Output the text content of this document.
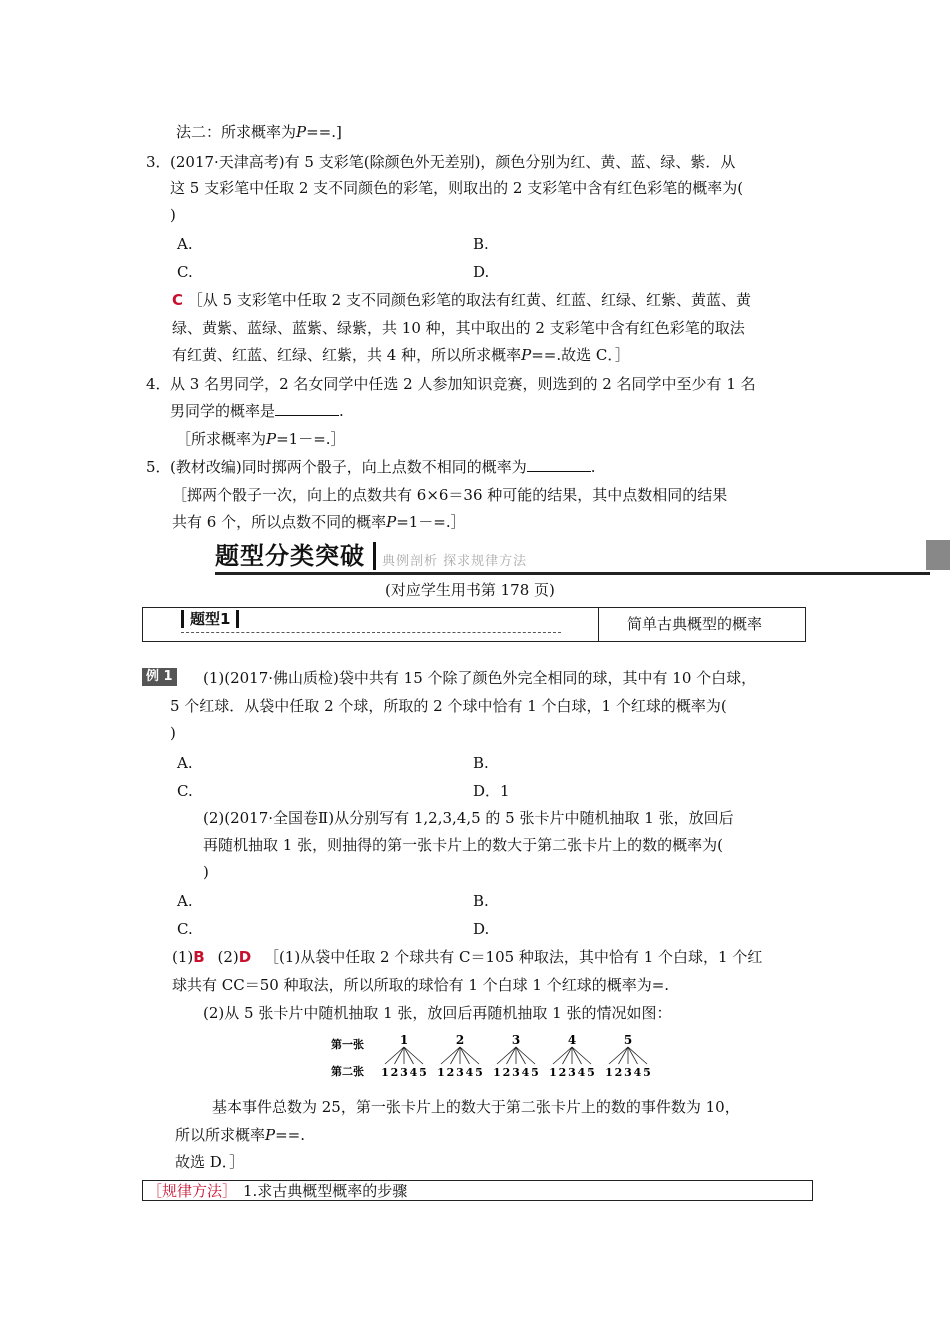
法二：所求概率为P==.]
3． (2017·天津高考)有 5 支彩笔(除颜色外无差别)，颜色分别为红、黄、蓝、绿、紫．从
这 5 支彩笔中任取 2 支不同颜色的彩笔，则取出的 2 支彩笔中含有红色彩笔的概率为(
)
A.	B.
C.	D.
C ［从 5 支彩笔中任取 2 支不同颜色彩笔的取法有红黄、红蓝、红绿、红紫、黄蓝、黄
绿、黄紫、蓝绿、蓝紫、绿紫，共 10 种，其中取出的 2 支彩笔中含有红色彩笔的取法
有红黄、红蓝、红绿、红紫，共 4 种，所以所求概率P==.故选 C．］
4． 从 3 名男同学，2 名女同学中任选 2 人参加知识竞赛，则选到的 2 名同学中至少有 1 名
男同学的概率是	.
［所求概率为P=1－=.］
5． (教材改编)同时掷两个骰子，向上点数不相同的概率为	.
［掷两个骰子一次，向上的点数共有 6×6＝36 种可能的结果，其中点数相同的结果
共有 6 个，所以点数不同的概率P=1－=.］
题型分类突破 典例剖析 探求规律方法
(对应学生用书第 178 页)
题型1	简单古典概型的概率
例 1 (1)(2017·佛山质检)袋中共有 15 个除了颜色外完全相同的球，其中有 10 个白球，
5 个红球．从袋中任取 2 个球，所取的 2 个球中恰有 1 个白球，1 个红球的概率为(
)
A.	B.
C.	D．1
(2)(2017·全国卷Ⅱ)从分别写有 1,2,3,4,5 的 5 张卡片中随机抽取 1 张，放回后
再随机抽取 1 张，则抽得的第一张卡片上的数大于第二张卡片上的数的概率为(
)
A.	B.
C.	D.
(1)B (2)D ［(1)从袋中任取 2 个球共有 C＝105 种取法，其中恰有 1 个白球，1 个红
球共有 CC＝50 种取法，所以所取的球恰有 1 个白球 1 个红球的概率为=.
(2)从 5 张卡片中随机抽取 1 张，放回后再随机抽取 1 张的情况如图：
第一张
第二张
1
1 2 3 4 5
2
1 2 3 4 5
3
1 2 3 4 5
4
1 2 3 4 5
5
1 2 3 4 5
基本事件总数为 25，第一张卡片上的数大于第二张卡片上的数的事件数为 10，
所以所求概率P==.
故选 D．］
［规律方法］ 1.求古典概型概率的步骤
